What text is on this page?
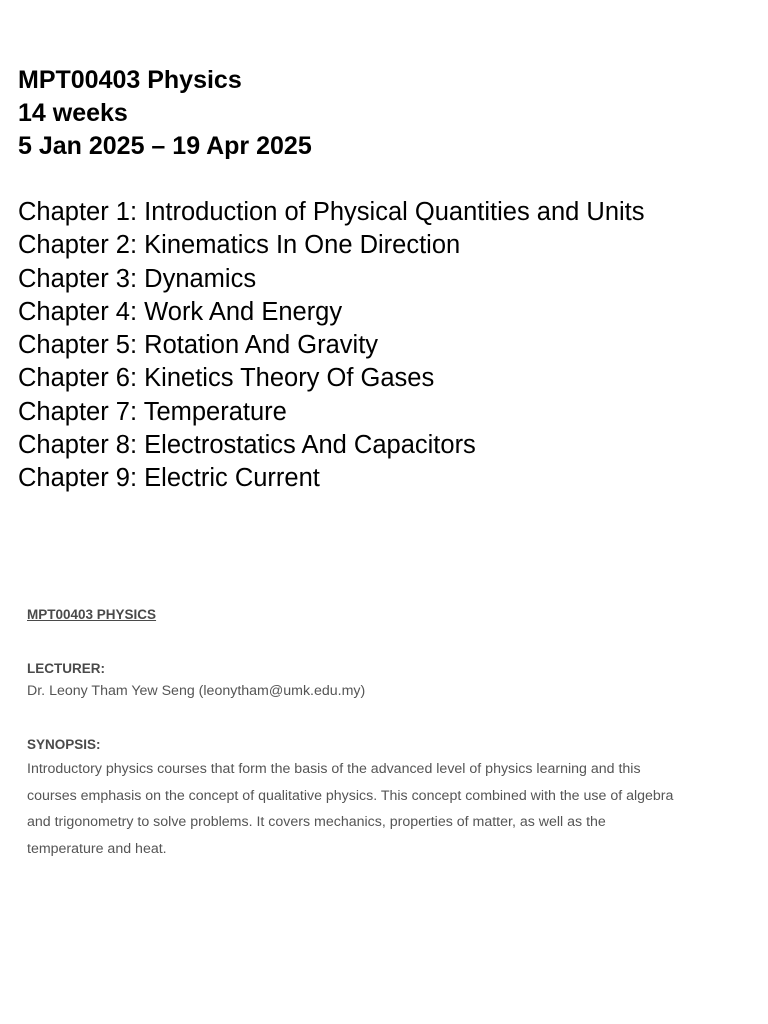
MPT00403 Physics
14 weeks
5 Jan 2025 – 19 Apr 2025
Chapter 1: Introduction of Physical Quantities and Units
Chapter 2: Kinematics In One Direction
Chapter 3: Dynamics
Chapter 4: Work And Energy
Chapter 5: Rotation And Gravity
Chapter 6: Kinetics Theory Of Gases
Chapter 7: Temperature
Chapter 8: Electrostatics And Capacitors
Chapter 9: Electric Current

MPT00403 PHYSICS

LECTURER:

Dr. Leony Tham Yew Seng (leonytham@umk.edu.my)

SYNOPSIS:

Introductory physics courses that form the basis of the advanced level of physics learning and this
courses emphasis on the concept of qualitative physics. This concept combined with the use of algebra
and trigonometry to solve problems. It covers mechanics, properties of matter, as well as the
temperature and heat.
